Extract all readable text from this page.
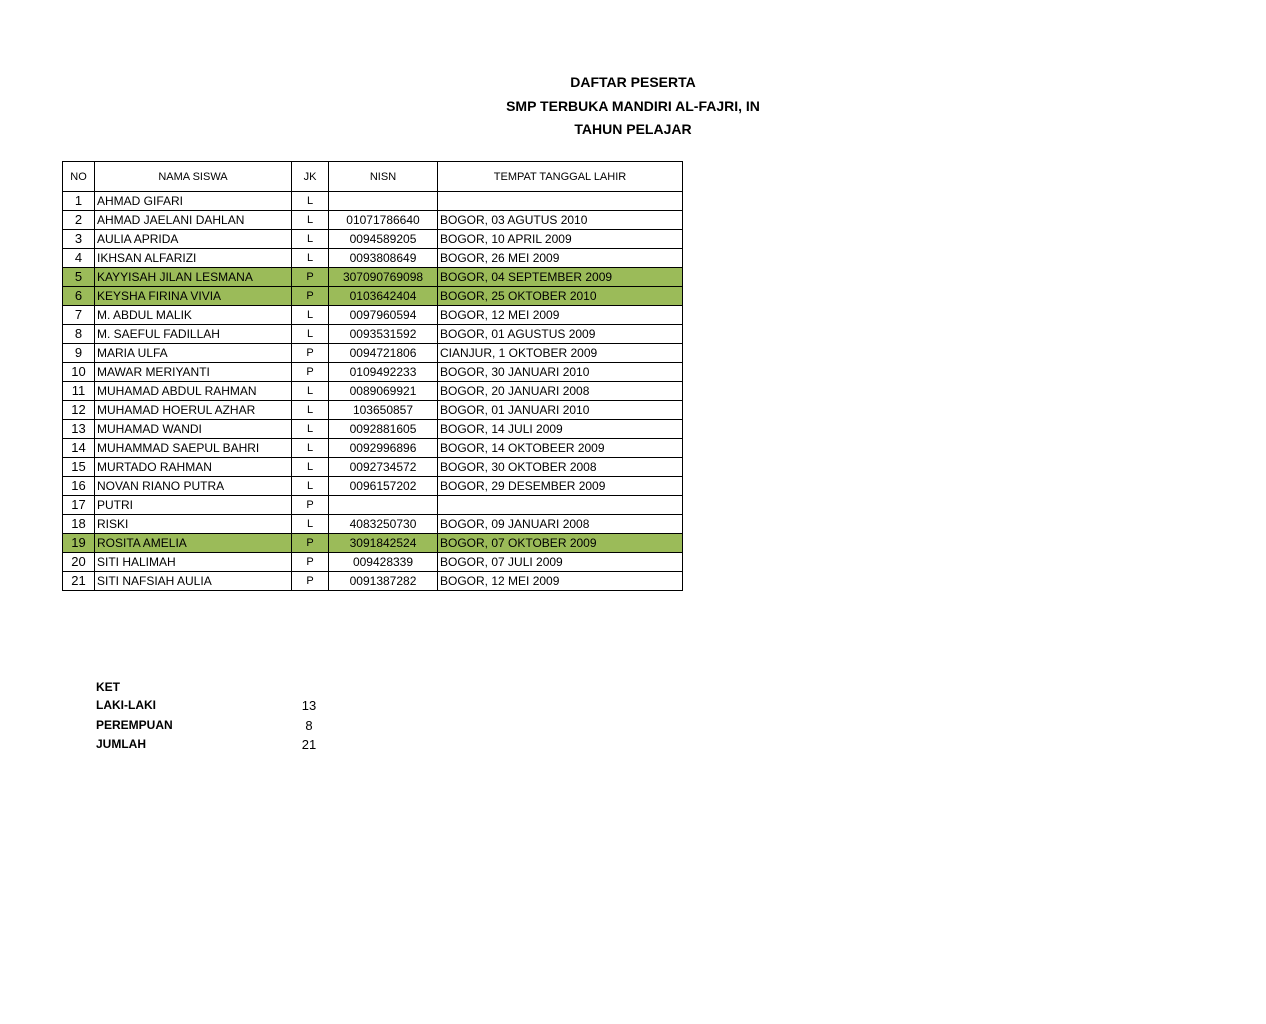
DAFTAR PESERTA
SMP TERBUKA MANDIRI AL-FAJRI, IN
TAHUN PELAJAR
NO	NAMA SISWA	JK	NISN	TEMPAT TANGGAL LAHIR
1	AHMAD GIFARI	L		
2	AHMAD JAELANI DAHLAN	L	01071786640	BOGOR, 03 AGUTUS 2010
3	AULIA APRIDA	L	0094589205	BOGOR, 10 APRIL 2009
4	IKHSAN ALFARIZI	L	0093808649	BOGOR, 26 MEI 2009
5	KAYYISAH JILAN LESMANA	P	307090769098	BOGOR, 04 SEPTEMBER 2009
6	KEYSHA FIRINA VIVIA	P	0103642404	BOGOR, 25 OKTOBER 2010
7	M. ABDUL MALIK	L	0097960594	BOGOR, 12 MEI 2009
8	M. SAEFUL FADILLAH	L	0093531592	BOGOR, 01 AGUSTUS 2009
9	MARIA ULFA	P	0094721806	CIANJUR, 1 OKTOBER 2009
10	MAWAR MERIYANTI	P	0109492233	BOGOR, 30 JANUARI 2010
11	MUHAMAD ABDUL RAHMAN	L	0089069921	BOGOR, 20 JANUARI 2008
12	MUHAMAD HOERUL AZHAR	L	103650857	BOGOR, 01 JANUARI 2010
13	MUHAMAD WANDI	L	0092881605	BOGOR, 14 JULI 2009
14	MUHAMMAD SAEPUL BAHRI	L	0092996896	BOGOR, 14 OKTOBEER 2009
15	MURTADO RAHMAN	L	0092734572	BOGOR, 30 OKTOBER 2008
16	NOVAN RIANO PUTRA	L	0096157202	BOGOR, 29 DESEMBER 2009
17	PUTRI	P		
18	RISKI	L	4083250730	BOGOR, 09 JANUARI 2008
19	ROSITA AMELIA	P	3091842524	BOGOR, 07 OKTOBER 2009
20	SITI HALIMAH	P	009428339	BOGOR, 07 JULI 2009
21	SITI NAFSIAH AULIA	P	0091387282	BOGOR, 12 MEI 2009
KET
LAKI-LAKI	13
PEREMPUAN	8
JUMLAH	21
